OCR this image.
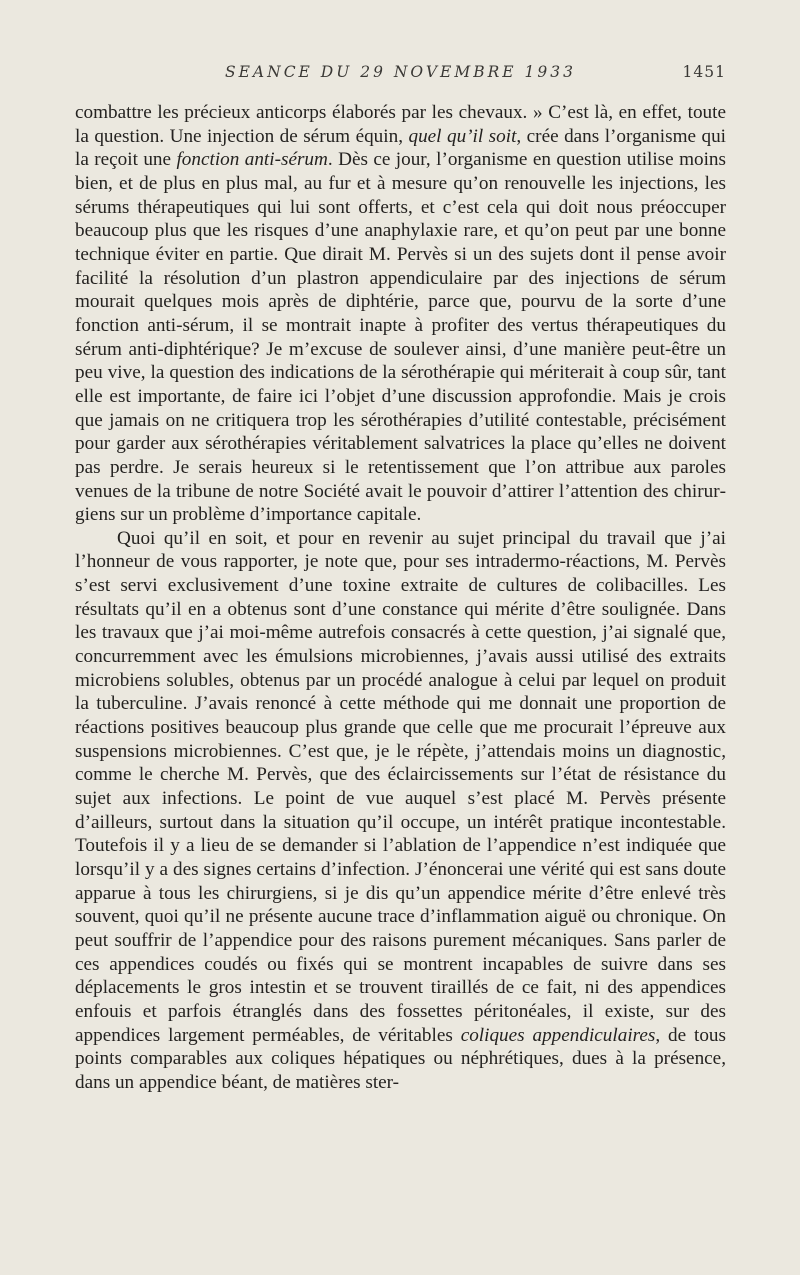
SEANCE DU 29 NOVEMBRE 1933	1451

combattre les précieux anticorps élaborés par les chevaux. » C’est là, en effet, toute la question. Une injection de sérum équin, quel qu’il soit, crée dans l’organisme qui la reçoit une fonction anti-sérum. Dès ce jour, l’organisme en question utilise moins bien, et de plus en plus mal, au fur et à mesure qu’on renouvelle les injections, les sérums thérapeutiques qui lui sont offerts, et c’est cela qui doit nous préoccuper beaucoup plus que les risques d’une anaphylaxie rare, et qu’on peut par une bonne technique éviter en partie. Que dirait M. Pervès si un des sujets dont il pense avoir facilité la résolution d’un plastron appendiculaire par des injections de sérum mourait quelques mois après de diphtérie, parce que, pourvu de la sorte d’une fonction anti-sérum, il se montrait inapte à profiter des vertus thérapeutiques du sérum anti-diphtérique? Je m’excuse de soulever ainsi, d’une manière peut-être un peu vive, la question des indications de la sérothérapie qui mériterait à coup sûr, tant elle est importante, de faire ici l’objet d’une discussion approfondie. Mais je crois que jamais on ne critiquera trop les sérothérapies d’utilité contestable, précisément pour garder aux sérothérapies véritablement salvatrices la place qu’elles ne doivent pas perdre. Je serais heureux si le retentissement que l’on attribue aux paroles venues de la tribune de notre Société avait le pouvoir d’attirer l’attention des chirurgiens sur un problème d’importance capitale.

Quoi qu’il en soit, et pour en revenir au sujet principal du travail que j’ai l’honneur de vous rapporter, je note que, pour ses intradermo-réactions, M. Pervès s’est servi exclusivement d’une toxine extraite de cultures de colibacilles. Les résultats qu’il en a obtenus sont d’une constance qui mérite d’être soulignée. Dans les travaux que j’ai moi-même autrefois consacrés à cette question, j’ai signalé que, concurremment avec les émulsions microbiennes, j’avais aussi utilisé des extraits microbiens solubles, obtenus par un procédé analogue à celui par lequel on produit la tuberculine. J’avais renoncé à cette méthode qui me donnait une proportion de réactions positives beaucoup plus grande que celle que me procurait l’épreuve aux suspensions microbiennes. C’est que, je le répète, j’attendais moins un diagnostic, comme le cherche M. Pervès, que des éclaircissements sur l’état de résistance du sujet aux infections. Le point de vue auquel s’est placé M. Pervès présente d’ailleurs, surtout dans la situation qu’il occupe, un intérêt pratique incontestable. Toutefois il y a lieu de se demander si l’ablation de l’appendice n’est indiquée que lorsqu’il y a des signes certains d’infection. J’énoncerai une vérité qui est sans doute apparue à tous les chirurgiens, si je dis qu’un appendice mérite d’être enlevé très souvent, quoi qu’il ne présente aucune trace d’inflammation aiguë ou chronique. On peut souffrir de l’appendice pour des raisons purement mécaniques. Sans parler de ces appendices coudés ou fixés qui se montrent incapables de suivre dans ses déplacements le gros intestin et se trouvent tiraillés de ce fait, ni des appendices enfouis et parfois étranglés dans des fossettes péritonéales, il existe, sur des appendices largement perméables, de véritables coliques appendiculaires, de tous points comparables aux coliques hépatiques ou néphrétiques, dues à la présence, dans un appendice béant, de matières ster-
